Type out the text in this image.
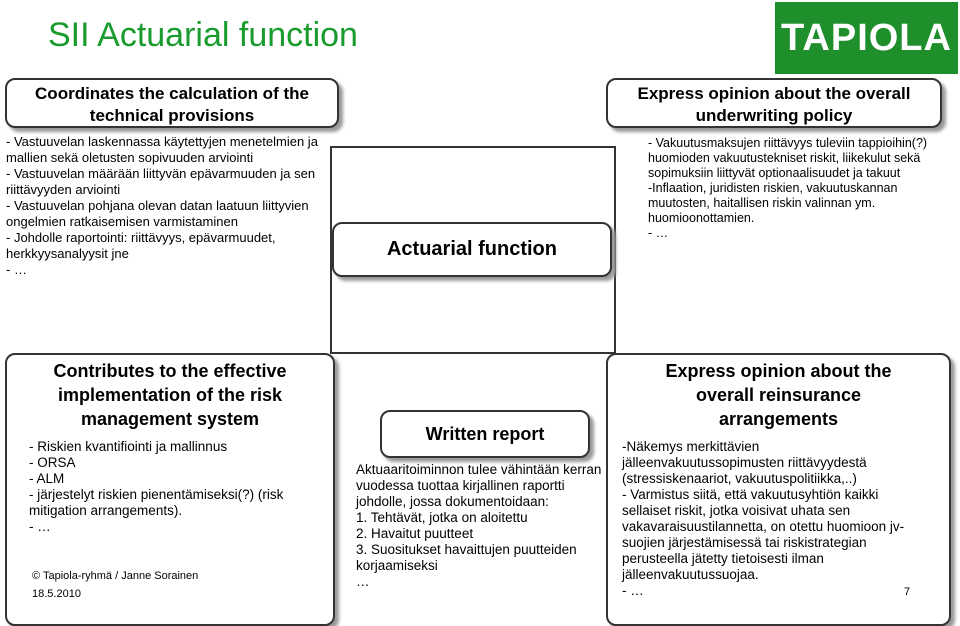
SII Actuarial function	TAPIOLA
Coordinates the calculation of the technical provisions
- Vastuuvelan laskennassa käytettyjen menetelmien ja mallien sekä oletusten sopivuuden arviointi
- Vastuuvelan määrään liittyvän epävarmuuden ja sen riittävyyden arviointi
- Vastuuvelan pohjana olevan datan laatuun liittyvien ongelmien ratkaisemisen varmistaminen
- Johdolle raportointi: riittävyys, epävarmuudet, herkkyysanalyysit jne
- …
Actuarial function
Express opinion about the overall underwriting policy
- Vakuutusmaksujen riittävyys tuleviin tappioihin(?) huomioden vakuutustekniset riskit, liikekulut sekä sopimuksiin liittyvät optionaalisuudet ja takuut
-Inflaation, juridisten riskien, vakuutuskannan muutosten, haitallisen riskin valinnan ym. huomioonottamien.
- …
Contributes to the effective implementation of the risk management system
- Riskien kvantifiointi ja mallinnus
- ORSA
- ALM
- järjestelyt riskien pienentämiseksi(?) (risk mitigation arrangements).
- …
Written report
Aktuaaritoiminnon tulee vähintään kerran vuodessa tuottaa kirjallinen raportti johdolle, jossa dokumentoidaan:
1. Tehtävät, jotka on aloitettu
2. Havaitut puutteet
3. Suositukset havaittujen puutteiden korjaamiseksi
…
Express opinion about the overall reinsurance arrangements
-Näkemys merkittävien jälleenvakuutussopimusten riittävyydestä (stressiskenaariot, vakuutuspolitiikka,..)
- Varmistus siitä, että vakuutusyhtiön kaikki sellaiset riskit, jotka voisivat uhata sen vakavaraisuustilannetta, on otettu huomioon jv-suojien järjestämisessä tai riskistrategian perusteella jätetty tietoisesti ilman jälleenvakuutussuojaa.
- …
© Tapiola-ryhmä / Janne Sorainen
18.5.2010	7
